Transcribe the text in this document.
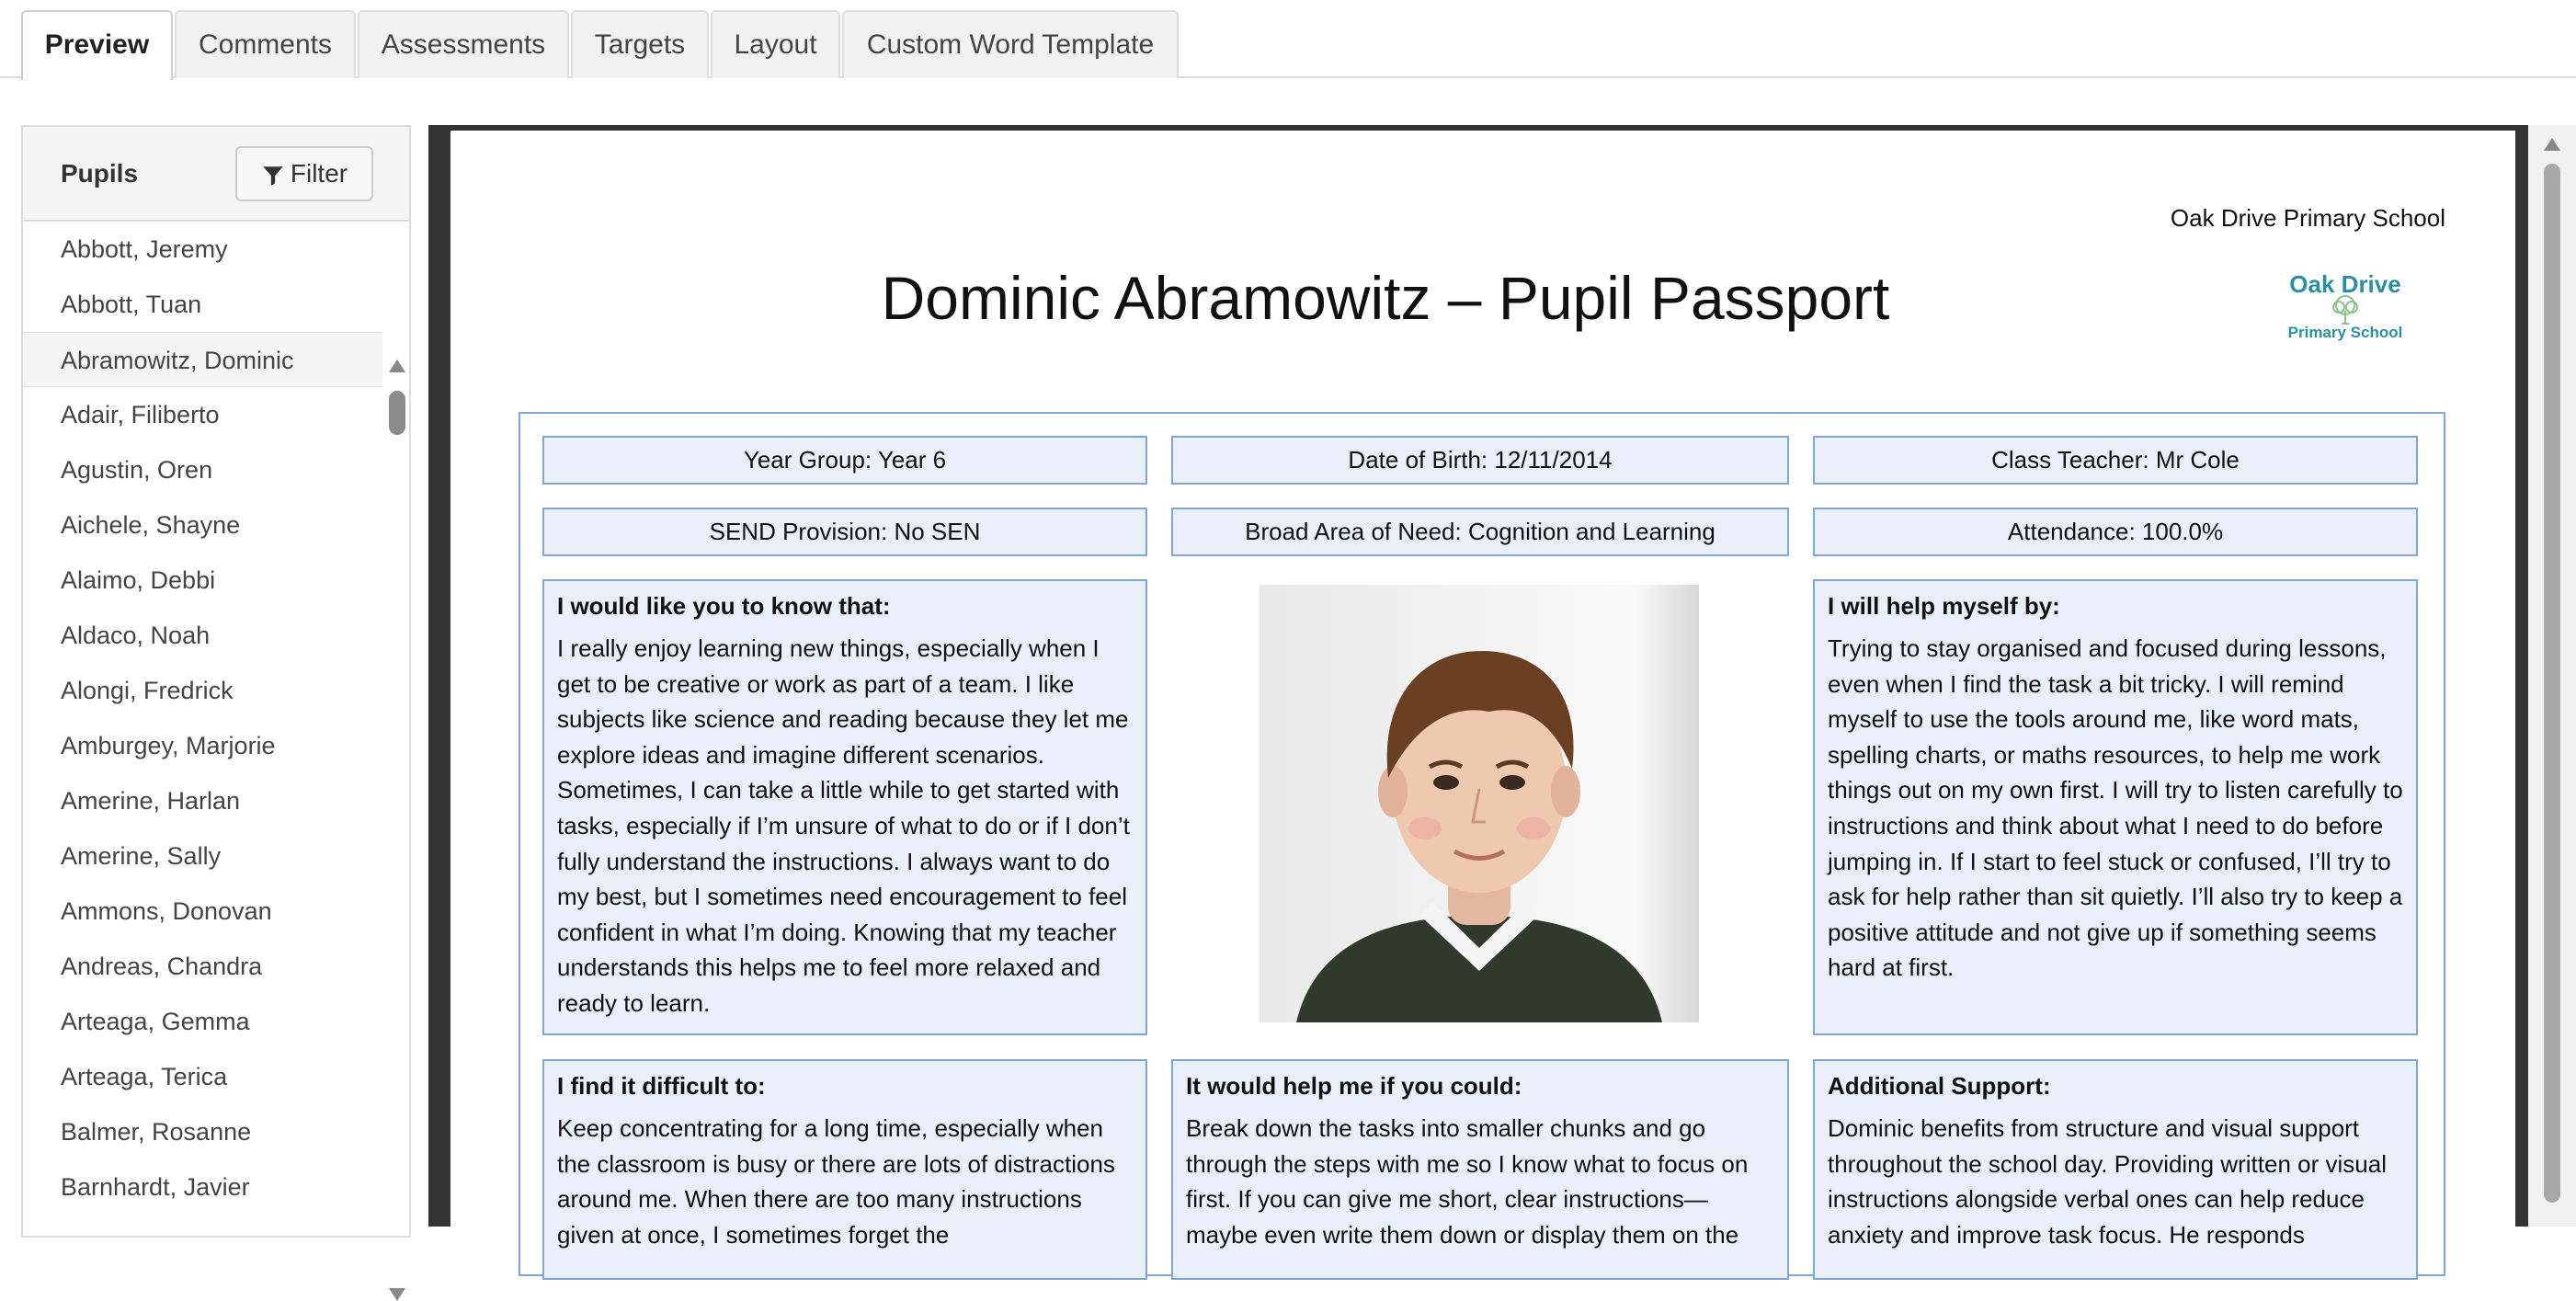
Preview	Comments	Assessments	Targets	Layout	Custom Word Template
Pupils	Filter
Abbott, Jeremy
Abbott, Tuan
Abramowitz, Dominic
Adair, Filiberto
Agustin, Oren
Aichele, Shayne
Alaimo, Debbi
Aldaco, Noah
Alongi, Fredrick
Amburgey, Marjorie
Amerine, Harlan
Amerine, Sally
Ammons, Donovan
Andreas, Chandra
Arteaga, Gemma
Arteaga, Terica
Balmer, Rosanne
Barnhardt, Javier
Oak Drive Primary School
Dominic Abramowitz – Pupil Passport	Oak Drive
Primary School
Year Group: Year 6	Date of Birth: 12/11/2014	Class Teacher: Mr Cole
SEND Provision: No SEN	Broad Area of Need: Cognition and Learning	Attendance: 100.0%
I would like you to know that:
I really enjoy learning new things, especially when I get to be creative or work as part of a team. I like subjects like science and reading because they let me explore ideas and imagine different scenarios. Sometimes, I can take a little while to get started with tasks, especially if I’m unsure of what to do or if I don’t fully understand the instructions. I always want to do my best, but I sometimes need encouragement to feel confident in what I’m doing. Knowing that my teacher understands this helps me to feel more relaxed and ready to learn.
I will help myself by:
Trying to stay organised and focused during lessons, even when I find the task a bit tricky. I will remind myself to use the tools around me, like word mats, spelling charts, or maths resources, to help me work things out on my own first. I will try to listen carefully to instructions and think about what I need to do before jumping in. If I start to feel stuck or confused, I’ll try to ask for help rather than sit quietly. I’ll also try to keep a positive attitude and not give up if something seems hard at first.
I find it difficult to:
Keep concentrating for a long time, especially when the classroom is busy or there are lots of distractions around me. When there are too many instructions given at once, I sometimes forget the
It would help me if you could:
Break down the tasks into smaller chunks and go through the steps with me so I know what to focus on first. If you can give me short, clear instructions—maybe even write them down or display them on the
Additional Support:
Dominic benefits from structure and visual support throughout the school day. Providing written or visual instructions alongside verbal ones can help reduce anxiety and improve task focus. He responds
